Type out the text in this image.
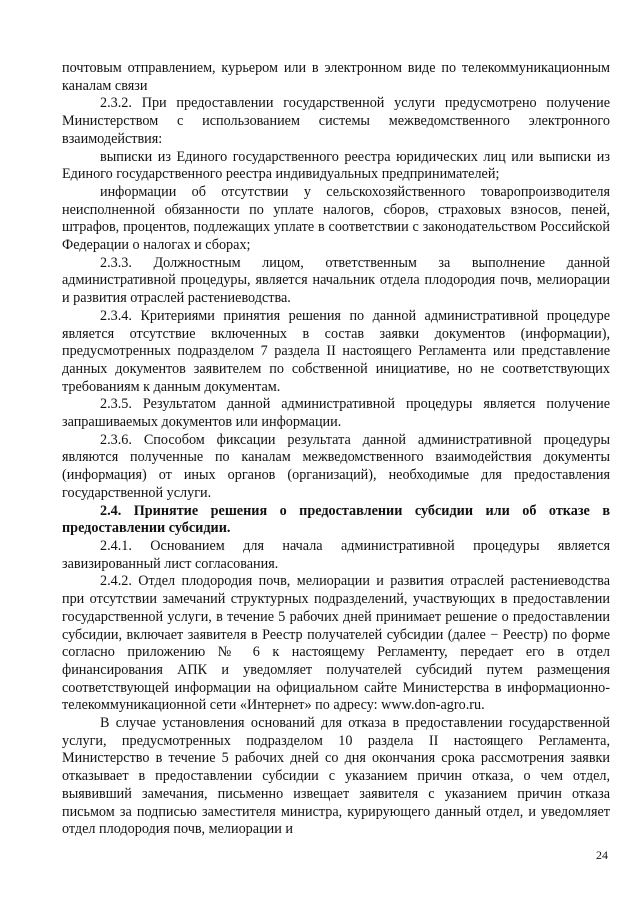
почтовым отправлением, курьером или в электронном виде по телекоммуникационным каналам связи

2.3.2. При предоставлении государственной услуги предусмотрено получение Министерством с использованием системы межведомственного электронного взаимодействия:

выписки из Единого государственного реестра юридических лиц или выписки из Единого государственного реестра индивидуальных предпринимателей;

информации об отсутствии у сельскохозяйственного товаропроизводителя неисполненной обязанности по уплате налогов, сборов, страховых взносов, пеней, штрафов, процентов, подлежащих уплате в соответствии с законодательством Российской Федерации о налогах и сборах;

2.3.3. Должностным лицом, ответственным за выполнение данной административной процедуры, является начальник отдела плодородия почв, мелиорации и развития отраслей растениеводства.

2.3.4. Критериями принятия решения по данной административной процедуре является отсутствие включенных в состав заявки документов (информации), предусмотренных подразделом 7 раздела II настоящего Регламента или представление данных документов заявителем по собственной инициативе, но не соответствующих требованиям к данным документам.

2.3.5. Результатом данной административной процедуры является получение запрашиваемых документов или информации.

2.3.6. Способом фиксации результата данной административной процедуры являются полученные по каналам межведомственного взаимодействия документы (информация) от иных органов (организаций), необходимые для предоставления государственной услуги.

2.4. Принятие решения о предоставлении субсидии или об отказе в предоставлении субсидии.

2.4.1. Основанием для начала административной процедуры является завизированный лист согласования.

2.4.2. Отдел плодородия почв, мелиорации и развития отраслей растениеводства при отсутствии замечаний структурных подразделений, участвующих в предоставлении государственной услуги, в течение 5 рабочих дней принимает решение о предоставлении субсидии, включает заявителя в Реестр получателей субсидии (далее − Реестр) по форме согласно приложению № 6 к настоящему Регламенту, передает его в отдел финансирования АПК и уведомляет получателей субсидий путем размещения соответствующей информации на официальном сайте Министерства в информационно-телекоммуникационной сети «Интернет» по адресу: www.don-agro.ru.

В случае установления оснований для отказа в предоставлении государственной услуги, предусмотренных подразделом 10 раздела II настоящего Регламента, Министерство в течение 5 рабочих дней со дня окончания срока рассмотрения заявки отказывает в предоставлении субсидии с указанием причин отказа, о чем отдел, выявивший замечания, письменно извещает заявителя с указанием причин отказа письмом за подписью заместителя министра, курирующего данный отдел, и уведомляет отдел плодородия почв, мелиорации и

24
